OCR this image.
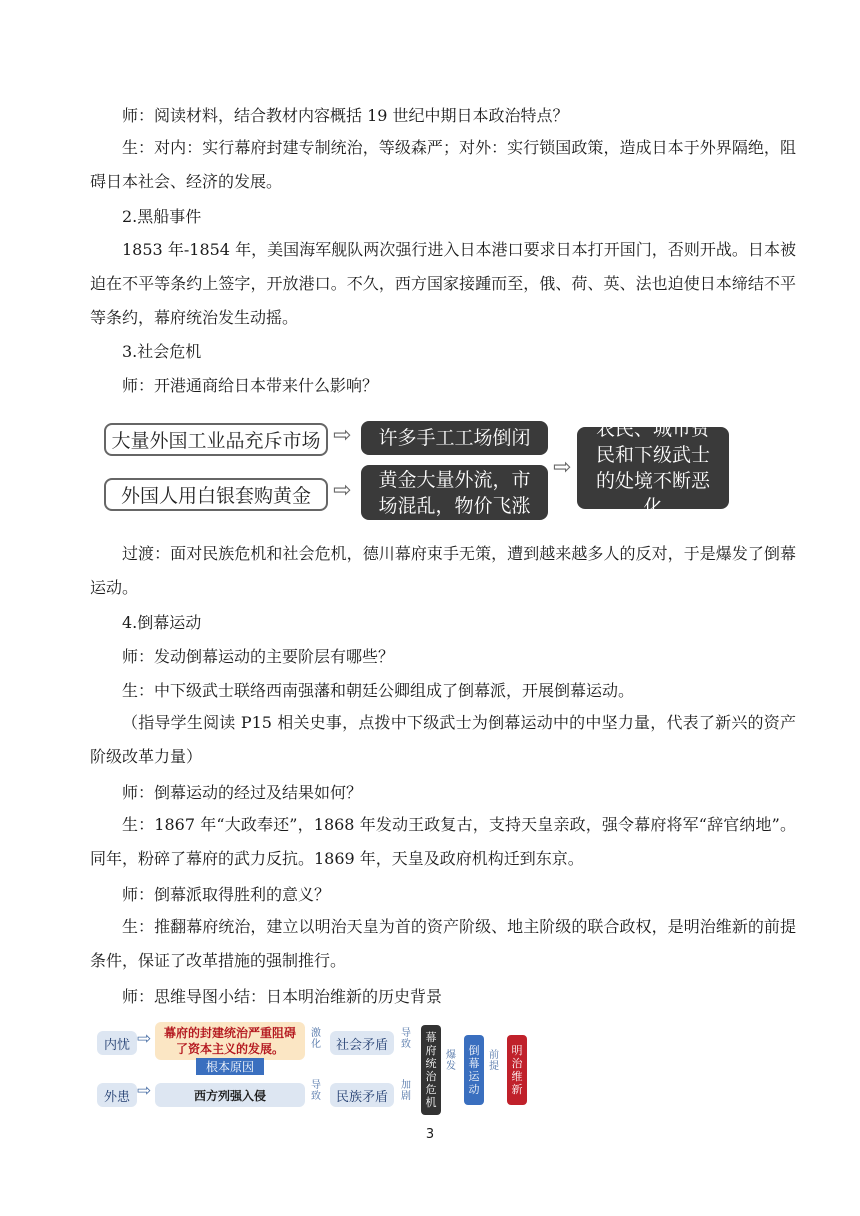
师：阅读材料，结合教材内容概括 19 世纪中期日本政治特点？
生：对内：实行幕府封建专制统治，等级森严；对外：实行锁国政策，造成日本于外界隔绝，阻碍日本社会、经济的发展。
2.黑船事件
1853 年-1854 年，美国海军舰队两次强行进入日本港口要求日本打开国门，否则开战。日本被迫在不平等条约上签字，开放港口。不久，西方国家接踵而至，俄、荷、英、法也迫使日本缔结不平等条约，幕府统治发生动摇。
3.社会危机
师：开港通商给日本带来什么影响？
大量外国工业品充斥市场
外国人用白银套购黄金
⇨
⇨
许多手工工场倒闭
黄金大量外流，市场混乱，物价飞涨
⇨
农民、城市贫民和下级武士的处境不断恶化
过渡：面对民族危机和社会危机，德川幕府束手无策，遭到越来越多人的反对，于是爆发了倒幕运动。
4.倒幕运动
师：发动倒幕运动的主要阶层有哪些？
生：中下级武士联络西南强藩和朝廷公卿组成了倒幕派，开展倒幕运动。
（指导学生阅读 P15 相关史事，点拨中下级武士为倒幕运动中的中坚力量，代表了新兴的资产阶级改革力量）
师：倒幕运动的经过及结果如何？
生：1867 年“大政奉还”，1868 年发动王政复古，支持天皇亲政，强令幕府将军“辞官纳地”。同年，粉碎了幕府的武力反抗。1869 年，天皇及政府机构迁到东京。
师：倒幕派取得胜利的意义？
生：推翻幕府统治，建立以明治天皇为首的资产阶级、地主阶级的联合政权，是明治维新的前提条件，保证了改革措施的强制推行。
师：思维导图小结：日本明治维新的历史背景
内忧
外患
⇨
⇨
幕府的封建统治严重阻碍了资本主义的发展。
根本原因
西方列强入侵
激化
导致
社会矛盾
民族矛盾
导致
加剧
幕府统治危机
爆发
倒幕运动
前提
明治维新
3
